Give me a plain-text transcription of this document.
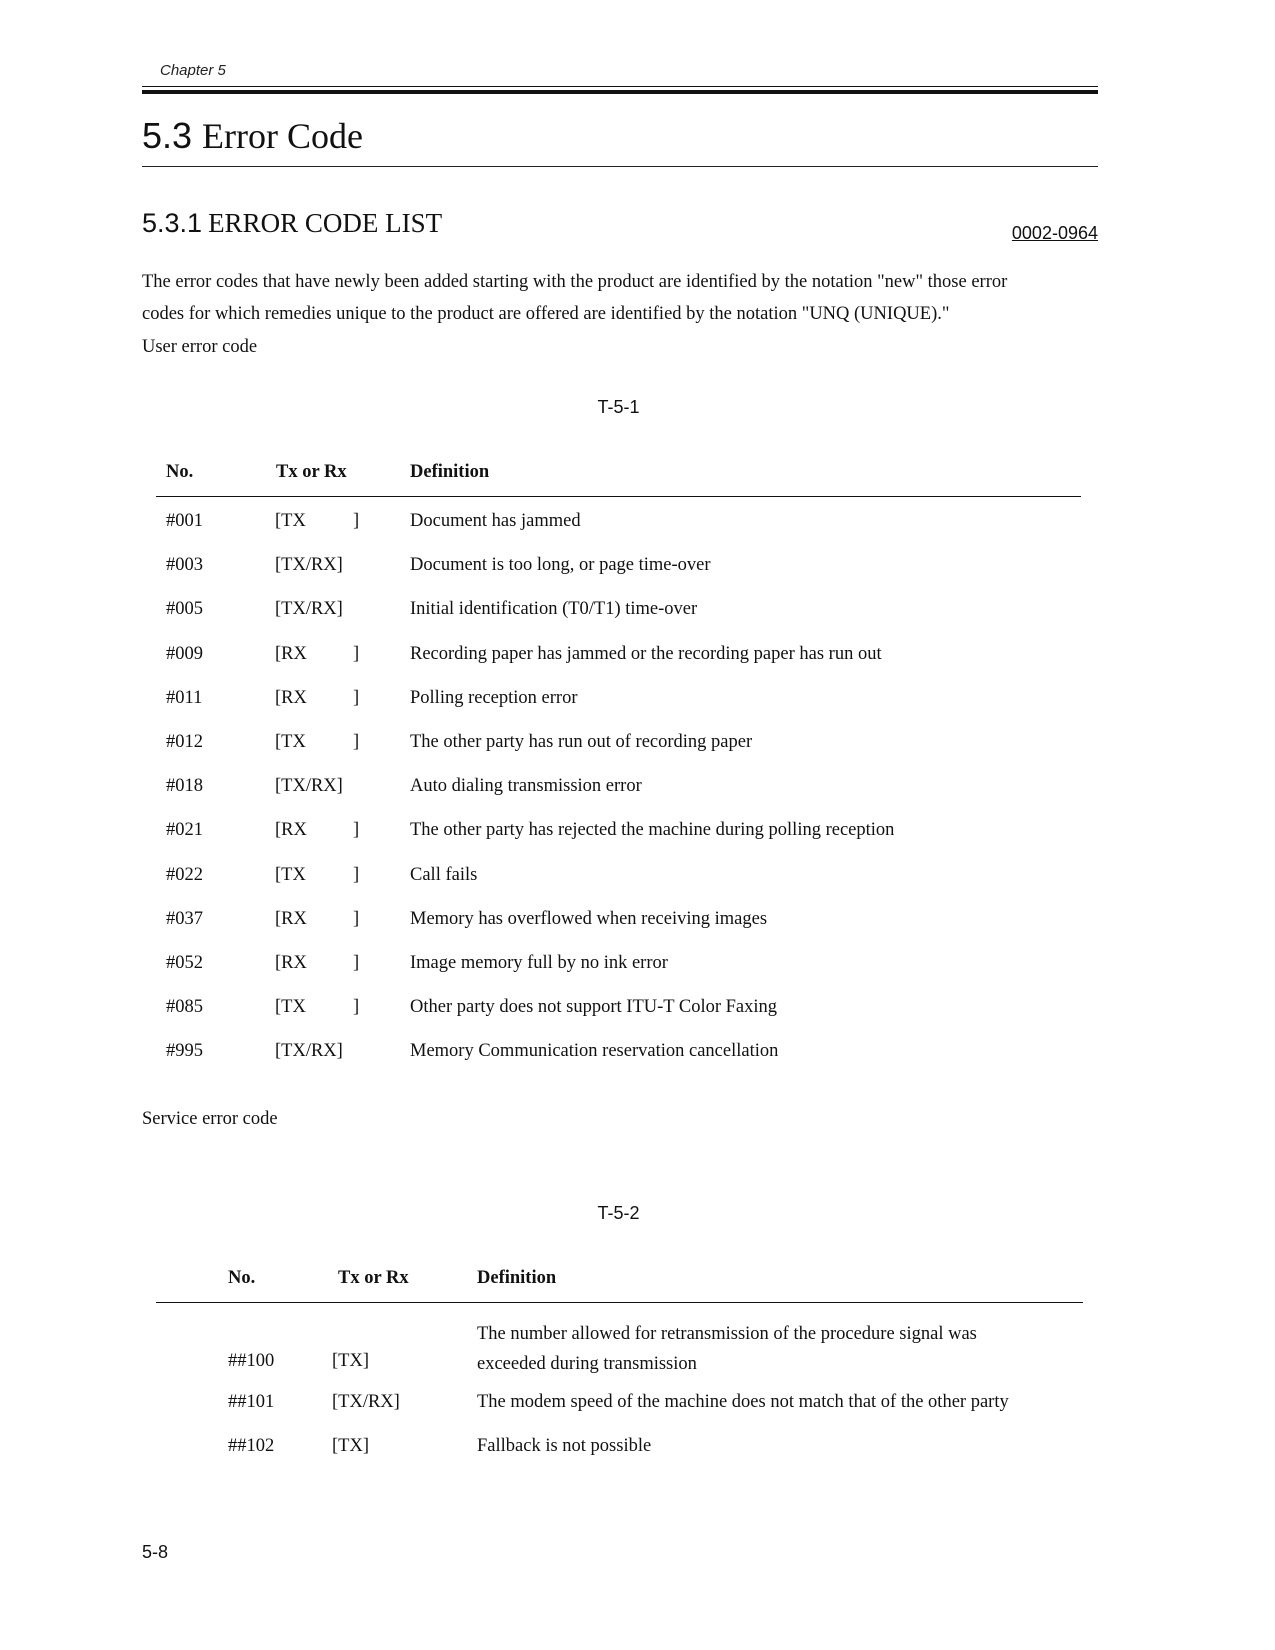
Chapter 5
5.3 Error Code
5.3.1 ERROR CODE LIST	0002-0964

The error codes that have newly been added starting with the product are identified by the notation "new" those error

codes for which remedies unique to the product are offered are identified by the notation "UNQ (UNIQUE)."

User error code
T-5-1
No.	Tx or Rx	Definition
#001	[TX	]	Document has jammed
#003	[TX/RX]	Document is too long, or page time-over
#005	[TX/RX]	Initial identification (T0/T1) time-over
#009	[RX ]	Recording paper has jammed or the recording paper has run out
#011	[RX ]	Polling reception error
#012	[TX	]	The other party has run out of recording paper
#018	[TX/RX]	Auto dialing transmission error
#021	[RX ]	The other party has rejected the machine during polling reception
#022	[TX	]	Call fails
#037	[RX ]	Memory has overflowed when receiving images
#052	[RX ]	Image memory full by no ink error
#085	[TX	]	Other party does not support ITU-T Color Faxing
#995	[TX/RX]	Memory Communication reservation cancellation
Service error code
T-5-2
No.	Tx or Rx	Definition
##100	[TX]
The number allowed for retransmission of the procedure signal was
exceeded during transmission
##101	[TX/RX]	The modem speed of the machine does not match that of the other party
##102	[TX]	Fallback is not possible
5-8
